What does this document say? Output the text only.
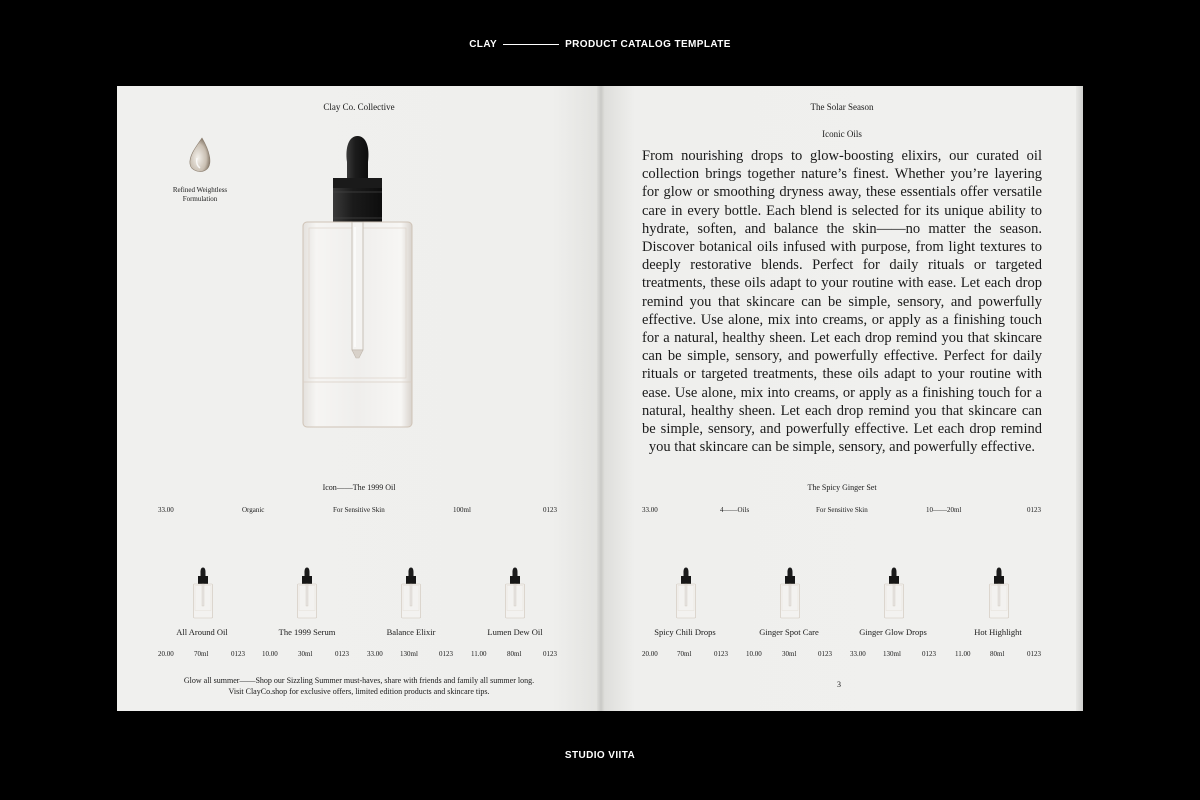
CLAY	PRODUCT CATALOG TEMPLATE
Clay Co. Collective
Refined Weightless Formulation
Icon——The 1999 Oil
33.00	Organic	For Sensitive Skin	100ml	0123
All Around Oil	The 1999 Serum	Balance Elixir	Lumen Dew Oil
20.00	70ml	0123 10.00	30ml	0123	33.00 130ml	0123	11.00	80ml	0123
Glow all summer——Shop our Sizzling Summer must-haves, share with friends and family all summer long.
Visit ClayCo.shop for exclusive offers, limited edition products and skincare tips.
The Solar Season
Iconic Oils
From nourishing drops to glow-boosting elixirs, our curated oil collection brings together nature’s finest. Whether you’re layering for glow or smoothing dryness away, these essentials offer versatile care in every bottle. Each blend is selected for its unique ability to hydrate, soften, and balance the skin——no matter the season. Discover botanical oils infused with purpose, from light textures to deeply restorative blends. Perfect for daily rituals or targeted treatments, these oils adapt to your routine with ease. Let each drop remind you that skincare can be simple, sensory, and powerfully effective. Use alone, mix into creams, or apply as a finishing touch for a natural, healthy sheen. Let each drop remind you that skincare can be simple, sensory, and powerfully effective. Perfect for daily rituals or targeted treatments, these oils adapt to your routine with ease. Use alone, mix into creams, or apply as a finishing touch for a natural, healthy sheen. Let each drop remind you that skincare can be simple, sensory, and powerfully effective. Let each drop remind you that skincare can be simple, sensory, and powerfully effective.
The Spicy Ginger Set
33.00	4——Oils	For Sensitive Skin	10——20ml	0123
Spicy Chili Drops	Ginger Spot Care	Ginger Glow Drops	Hot Highlight
20.00	70ml	0123	10.00	30ml	0123	33.00 130ml	0123	11.00	80ml	0123
3
STUDIO VIITA
